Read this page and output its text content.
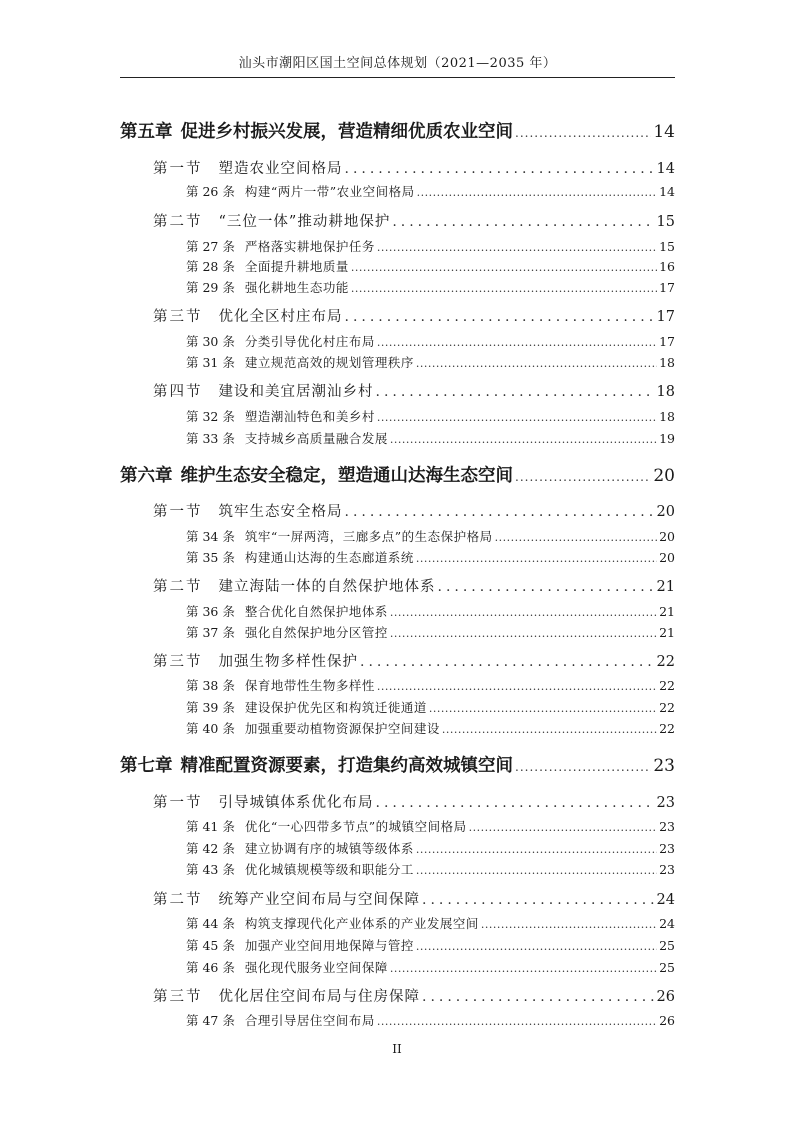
汕头市潮阳区国土空间总体规划（2021—2035 年）
第五章 促进乡村振兴发展，营造精细优质农业空间 .....	14
第一节 塑造农业空间格局 .....	14
第 26 条 构建“两片一带”农业空间格局 .....	14
第二节 “三位一体”推动耕地保护 .....	15
第 27 条 严格落实耕地保护任务 .....	15
第 28 条 全面提升耕地质量 .....	16
第 29 条 强化耕地生态功能 .....	17
第三节 优化全区村庄布局 .....	17
第 30 条 分类引导优化村庄布局 .....	17
第 31 条 建立规范高效的规划管理秩序 .....	18
第四节 建设和美宜居潮汕乡村 .....	18
第 32 条 塑造潮汕特色和美乡村 .....	18
第 33 条 支持城乡高质量融合发展 .....	19
第六章 维护生态安全稳定，塑造通山达海生态空间 .....	20
第一节 筑牢生态安全格局 .....	20
第 34 条 筑牢“一屏两湾，三廊多点”的生态保护格局 .....	20
第 35 条 构建通山达海的生态廊道系统 .....	20
第二节 建立海陆一体的自然保护地体系 .....	21
第 36 条 整合优化自然保护地体系 .....	21
第 37 条 强化自然保护地分区管控 .....	21
第三节 加强生物多样性保护 .....	22
第 38 条 保育地带性生物多样性 .....	22
第 39 条 建设保护优先区和构筑迁徙通道 .....	22
第 40 条 加强重要动植物资源保护空间建设 .....	22
第七章 精准配置资源要素，打造集约高效城镇空间 .....	23
第一节 引导城镇体系优化布局 .....	23
第 41 条 优化“一心四带多节点”的城镇空间格局 .....	23
第 42 条 建立协调有序的城镇等级体系 .....	23
第 43 条 优化城镇规模等级和职能分工 .....	23
第二节 统筹产业空间布局与空间保障 .....	24
第 44 条 构筑支撑现代化产业体系的产业发展空间 .....	24
第 45 条 加强产业空间用地保障与管控 .....	25
第 46 条 强化现代服务业空间保障 .....	25
第三节 优化居住空间布局与住房保障 .....	26
第 47 条 合理引导居住空间布局 .....	26
II
